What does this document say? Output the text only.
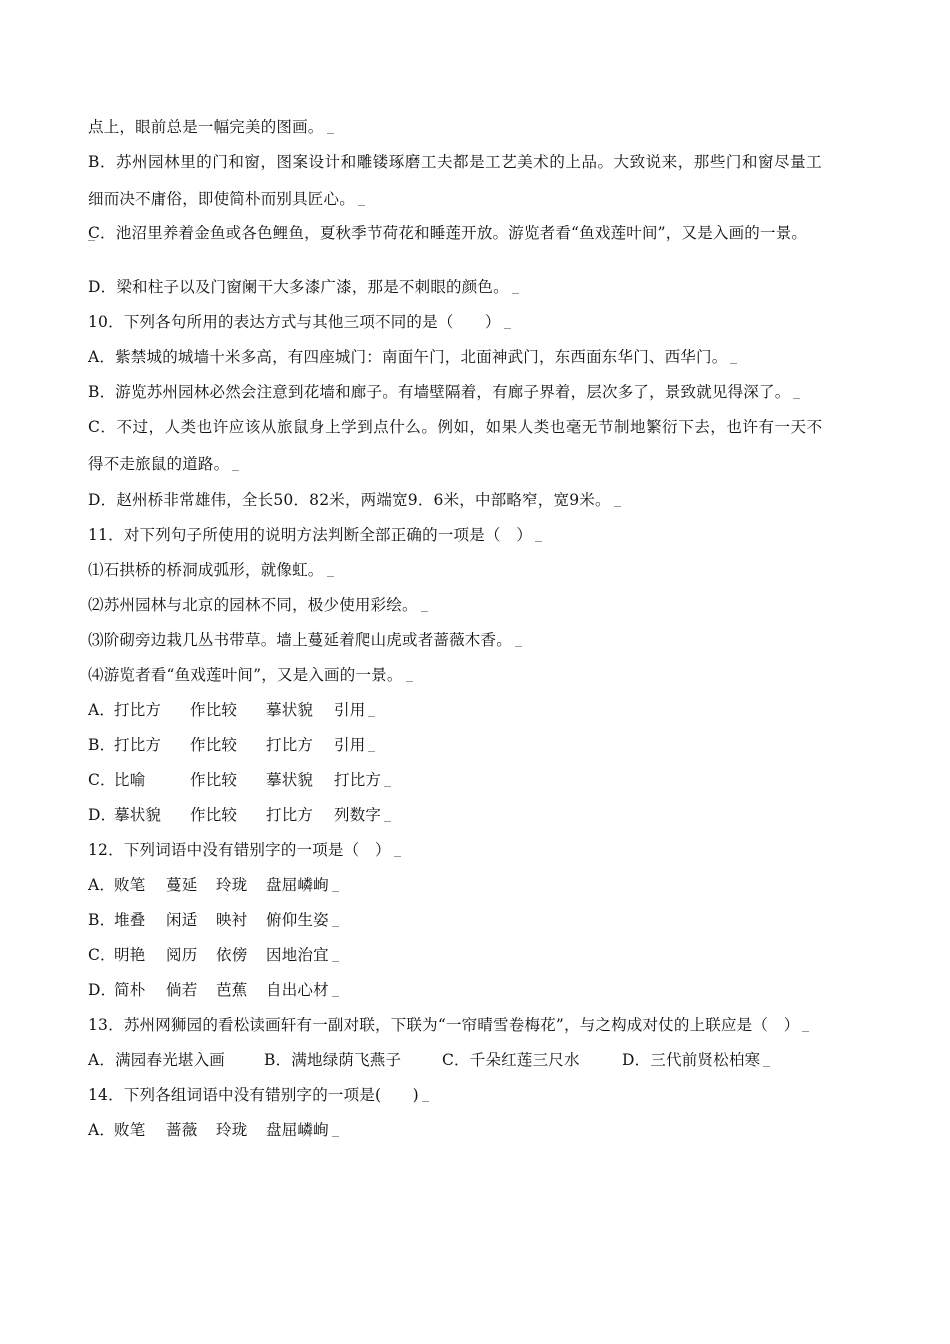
点上，眼前总是一幅完美的图画。
B．苏州园林里的门和窗，图案设计和雕镂琢磨工夫都是工艺美术的上品。大致说来，那些门和窗尽量工
细而决不庸俗，即使简朴而别具匠心。
C．池沼里养着金鱼或各色鲤鱼，夏秋季节荷花和睡莲开放。游览者看“鱼戏莲叶间”，又是入画的一景。
D．梁和柱子以及门窗阑干大多漆广漆，那是不刺眼的颜色。
10．下列各句所用的表达方式与其他三项不同的是（　　）
A．紫禁城的城墙十米多高，有四座城门：南面午门，北面神武门，东西面东华门、西华门。
B．游览苏州园林必然会注意到花墙和廊子。有墙壁隔着，有廊子界着，层次多了，景致就见得深了。
C．不过，人类也许应该从旅鼠身上学到点什么。例如，如果人类也毫无节制地繁衍下去，也许有一天不
得不走旅鼠的道路。
D．赵州桥非常雄伟，全长50．82米，两端宽9．6米，中部略窄，宽9米。
11．对下列句子所使用的说明方法判断全部正确的一项是（　）
⑴石拱桥的桥洞成弧形，就像虹。
⑵苏州园林与北京的园林不同，极少使用彩绘。
⑶阶砌旁边栽几丛书带草。墙上蔓延着爬山虎或者蔷薇木香。
⑷游览者看“鱼戏莲叶间”，又是入画的一景。
A．打比方 作比较 摹状貌 引用
B．打比方 作比较 打比方 引用
C．比喻	作比较 摹状貌 打比方
D．摹状貌 作比较 打比方 列数字
12．下列词语中没有错别字的一项是（　）
A．败笔 蔓延 玲珑 盘屈嶙峋
B．堆叠 闲适 映衬 俯仰生姿
C．明艳 阅历 依傍 因地治宜
D．简朴 倘若 芭蕉 自出心材
13．苏州网狮园的看松读画轩有一副对联，下联为“一帘晴雪卷梅花”，与之构成对仗的上联应是（　）
A．满园春光堪入画	B．满地绿荫飞燕子	C．千朵红莲三尺水	D．三代前贤松柏寒
14．下列各组词语中没有错别字的一项是(　　)
A．败笔 蔷薇 玲珑 盘屈嶙峋
